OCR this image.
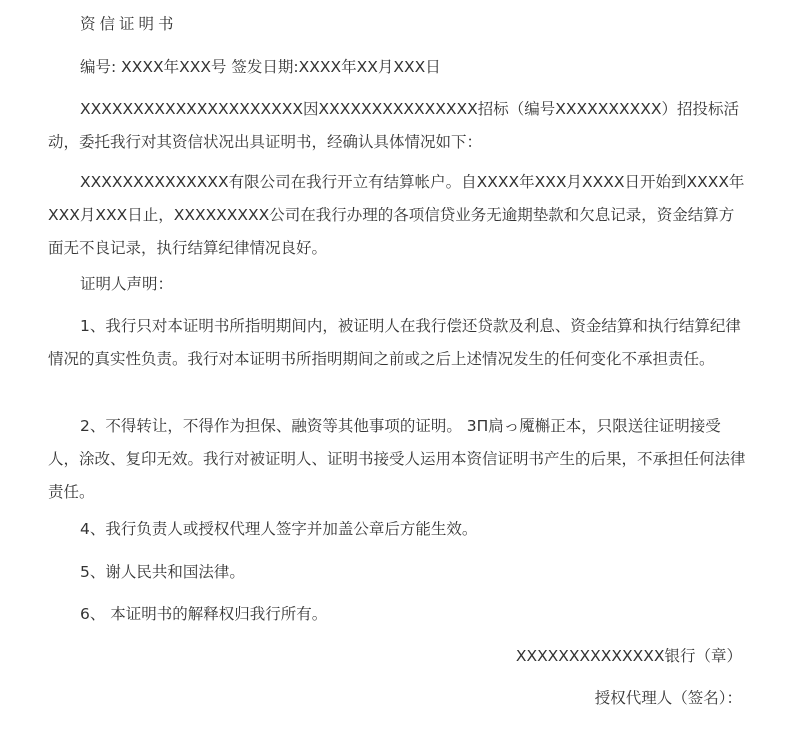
资信证明书
编号: XXXX年XXX号 签发日期:XXXX年XX月XXX日
XXXXXXXXXXXXXXXXXXXXX因XXXXXXXXXXXXXXX招标（编号XXXXXXXXXX）招投标活动，委托我行对其资信状况出具证明书，经确认具体情况如下：
XXXXXXXXXXXXXX有限公司在我行开立有结算帐户。自XXXX年XXX月XXXX日开始到XXXX年XXX月XXX日止，XXXXXXXXX公司在我行办理的各项信贷业务无逾期垫款和欠息记录，资金结算方面无不良记录，执行结算纪律情况良好。
证明人声明：
1、我行只对本证明书所指明期间内，被证明人在我行偿还贷款及利息、资金结算和执行结算纪律情况的真实性负责。我行对本证明书所指明期间之前或之后上述情况发生的任何变化不承担责任。
2、不得转让，不得作为担保、融资等其他事项的证明。 3П扃っ魇槲正本，只限送往证明接受人，涂改、复印无效。我行对被证明人、证明书接受人运用本资信证明书产生的后果，不承担任何法律责任。
4、我行负责人或授权代理人签字并加盖公章后方能生效。
5、谢人民共和国法律。
6、 本证明书的解释权归我行所有。
XXXXXXXXXXXXXX银行（章）
授权代理人（签名）：
